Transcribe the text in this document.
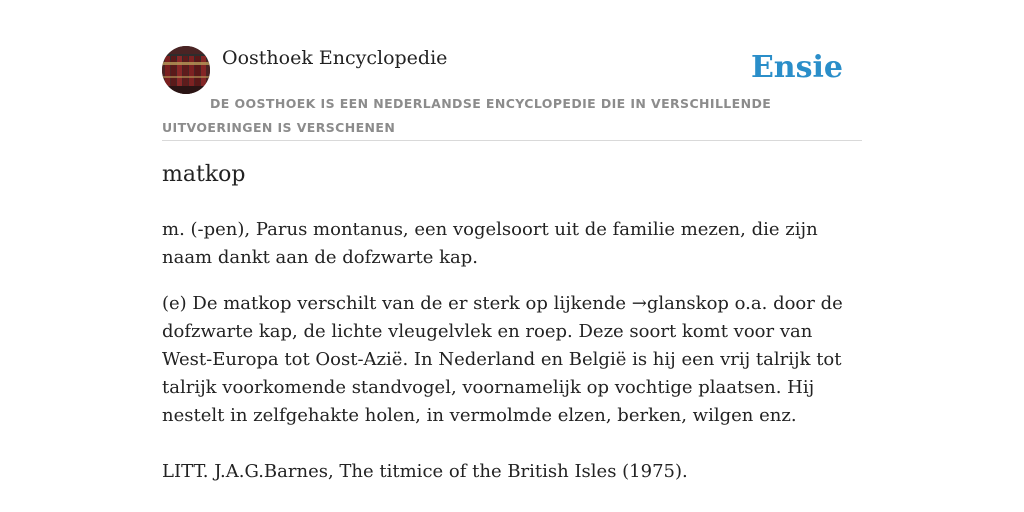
Oosthoek Encyclopedie	Ensie
DE OOSTHOEK IS EEN NEDERLANDSE ENCYCLOPEDIE DIE IN VERSCHILLENDE UITVOERINGEN IS VERSCHENEN
matkop

m. (-pen), Parus montanus, een vogelsoort uit de familie mezen, die zijn naam dankt aan de dofzwarte kap.

(e) De matkop verschilt van de er sterk op lijkende →glanskop o.a. door de dofzwarte kap, de lichte vleugelvlek en roep. Deze soort komt voor van West-Europa tot Oost-Azië. In Nederland en België is hij een vrij talrijk tot talrijk voorkomende standvogel, voornamelijk op vochtige plaatsen. Hij nestelt in zelfgehakte holen, in vermolmde elzen, berken, wilgen enz.

LITT. J.A.G.Barnes, The titmice of the British Isles (1975).
